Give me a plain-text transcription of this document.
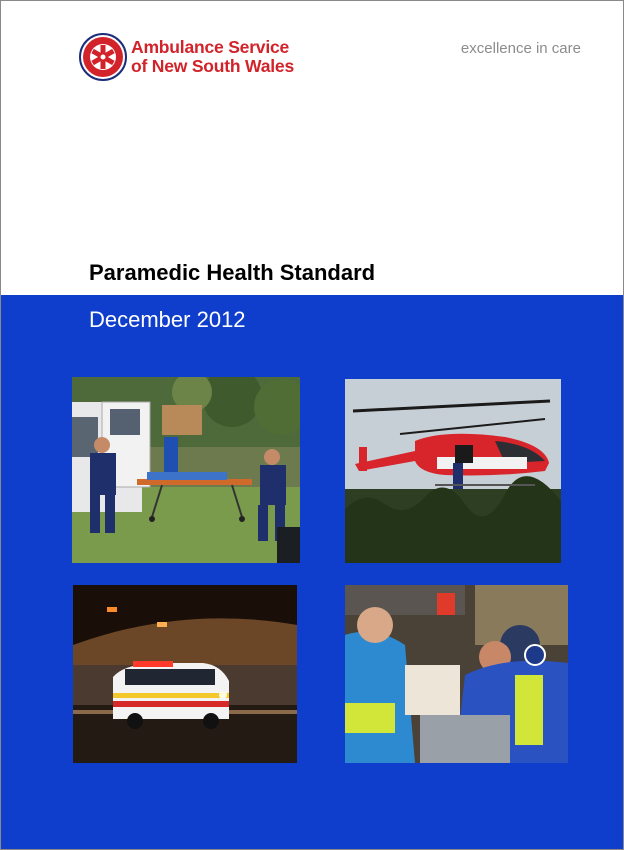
Ambulance Service
of New South Wales
excellence in care
Paramedic Health Standard
December 2012
